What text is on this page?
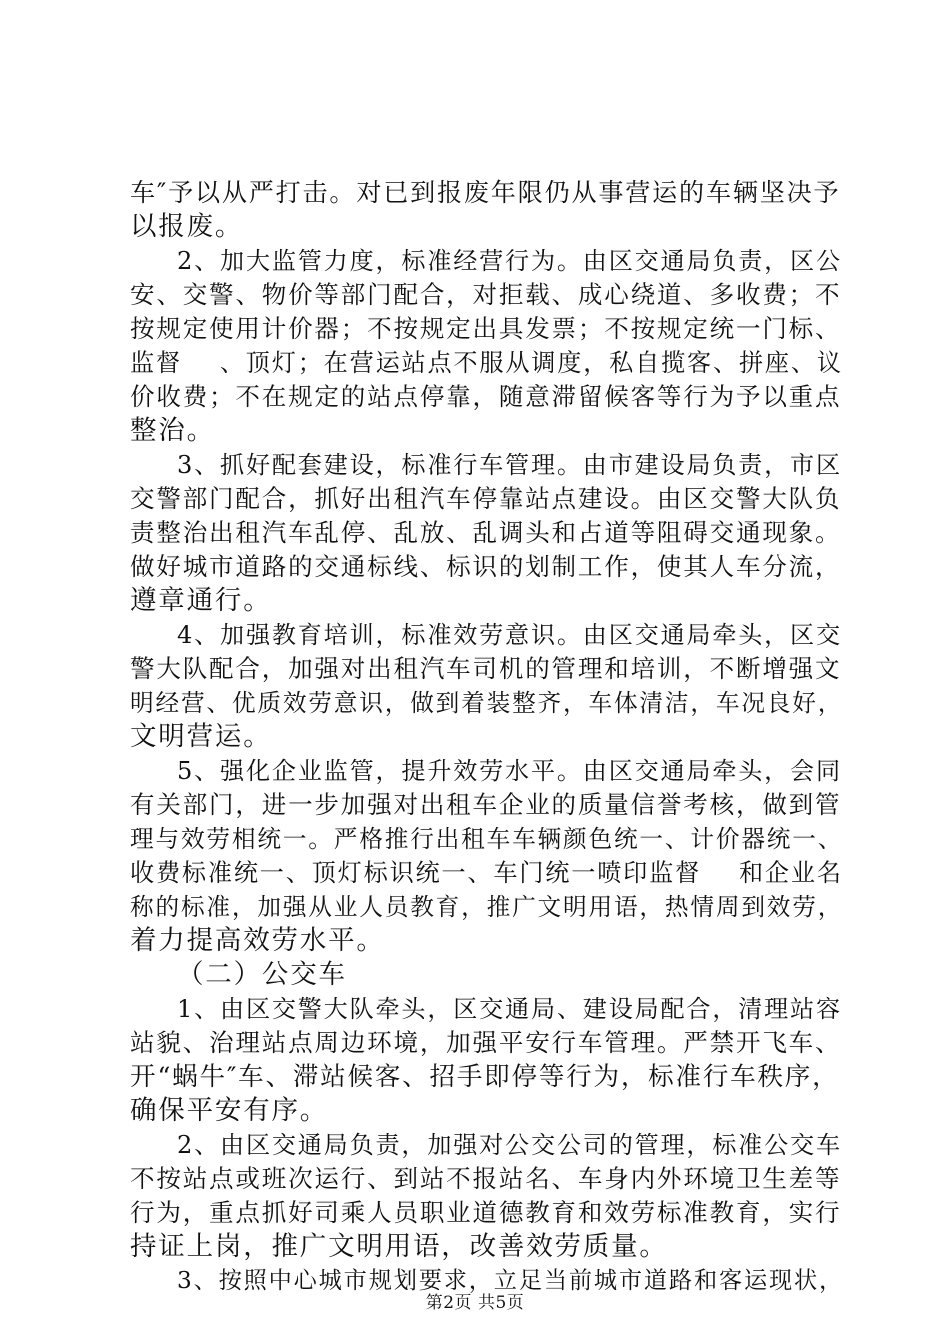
车″予以从严打击。对已到报废年限仍从事营运的车辆坚决予
以报废。
2、加大监管力度，标准经营行为。由区交通局负责，区公
安、交警、物价等部门配合，对拒载、成心绕道、多收费；不
按规定使用计价器；不按规定出具发票；不按规定统一门标、
监督    、顶灯；在营运站点不服从调度，私自揽客、拼座、议
价收费；不在规定的站点停靠，随意滞留候客等行为予以重点
整治。
3、抓好配套建设，标准行车管理。由市建设局负责，市区
交警部门配合，抓好出租汽车停靠站点建设。由区交警大队负
责整治出租汽车乱停、乱放、乱调头和占道等阻碍交通现象。
做好城市道路的交通标线、标识的划制工作，使其人车分流，
遵章通行。
4、加强教育培训，标准效劳意识。由区交通局牵头，区交
警大队配合，加强对出租汽车司机的管理和培训，不断增强文
明经营、优质效劳意识，做到着装整齐，车体清洁，车况良好，
文明营运。
5、强化企业监管，提升效劳水平。由区交通局牵头，会同
有关部门，进一步加强对出租车企业的质量信誉考核，做到管
理与效劳相统一。严格推行出租车车辆颜色统一、计价器统一、
收费标准统一、顶灯标识统一、车门统一喷印监督    和企业名
称的标准，加强从业人员教育，推广文明用语，热情周到效劳，
着力提高效劳水平。
（二）公交车
1、由区交警大队牵头，区交通局、建设局配合，清理站容
站貌、治理站点周边环境，加强平安行车管理。严禁开飞车、
开“蜗牛″车、滞站候客、招手即停等行为，标准行车秩序，
确保平安有序。
2、由区交通局负责，加强对公交公司的管理，标准公交车
不按站点或班次运行、到站不报站名、车身内外环境卫生差等
行为，重点抓好司乘人员职业道德教育和效劳标准教育，实行
持证上岗，推广文明用语，改善效劳质量。
3、按照中心城市规划要求，立足当前城市道路和客运现状，
第2页 共5页
